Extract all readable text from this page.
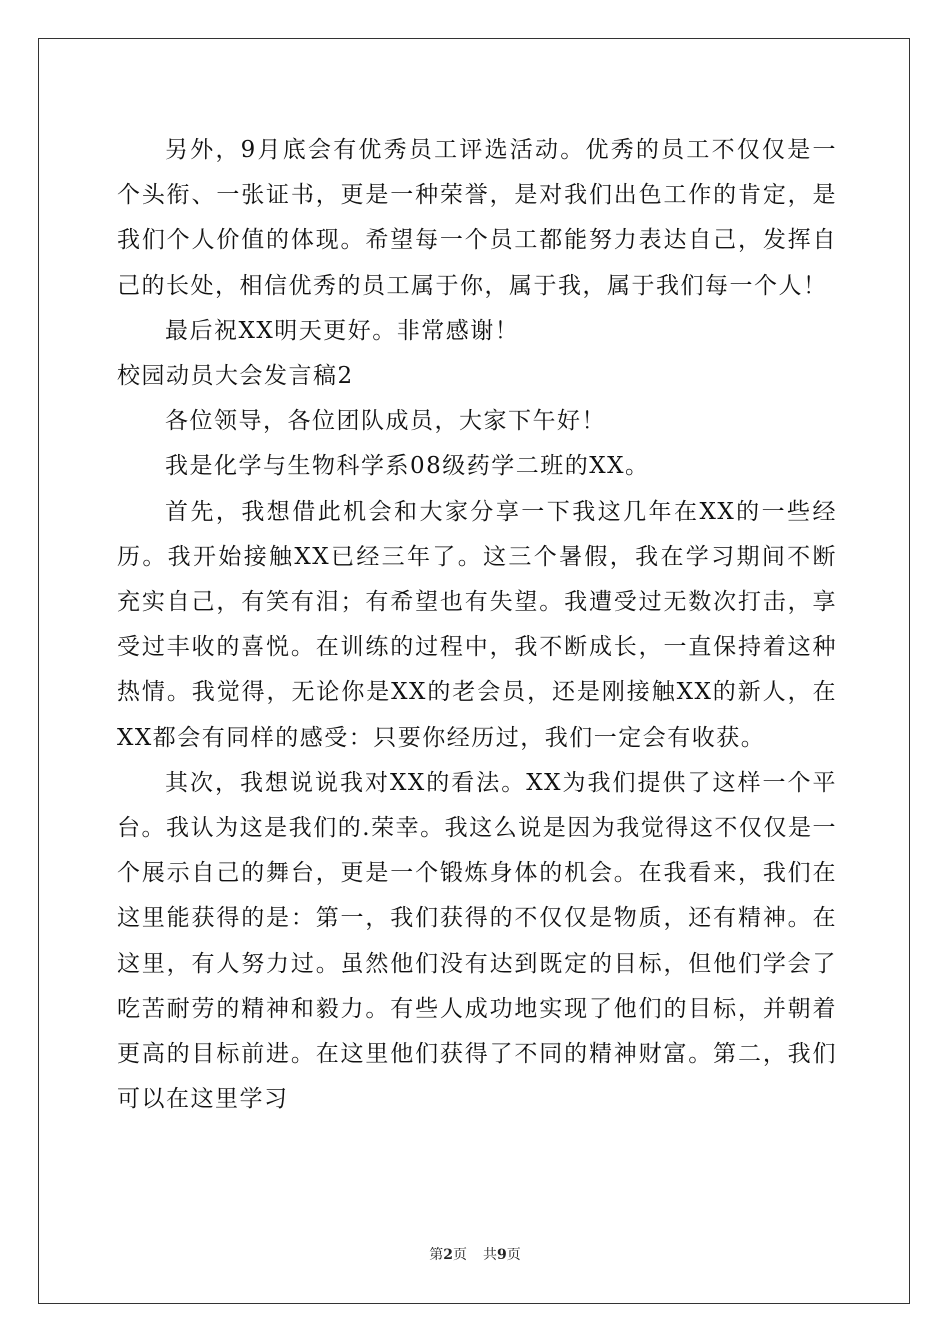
另外，9月底会有优秀员工评选活动。优秀的员工不仅仅是一个头衔、一张证书，更是一种荣誉，是对我们出色工作的肯定，是我们个人价值的体现。希望每一个员工都能努力表达自己，发挥自己的长处，相信优秀的员工属于你，属于我，属于我们每一个人！

最后祝XX明天更好。非常感谢！

校园动员大会发言稿2

各位领导，各位团队成员，大家下午好！

我是化学与生物科学系08级药学二班的XX。

首先，我想借此机会和大家分享一下我这几年在XX的一些经历。我开始接触XX已经三年了。这三个暑假，我在学习期间不断充实自己，有笑有泪；有希望也有失望。我遭受过无数次打击，享受过丰收的喜悦。在训练的过程中，我不断成长，一直保持着这种热情。我觉得，无论你是XX的老会员，还是刚接触XX的新人，在XX都会有同样的感受：只要你经历过，我们一定会有收获。

其次，我想说说我对XX的看法。XX为我们提供了这样一个平台。我认为这是我们的.荣幸。我这么说是因为我觉得这不仅仅是一个展示自己的舞台，更是一个锻炼身体的机会。在我看来，我们在这里能获得的是：第一，我们获得的不仅仅是物质，还有精神。在这里，有人努力过。虽然他们没有达到既定的目标，但他们学会了吃苦耐劳的精神和毅力。有些人成功地实现了他们的目标，并朝着更高的目标前进。在这里他们获得了不同的精神财富。第二，我们可以在这里学习

第2页 共9页
